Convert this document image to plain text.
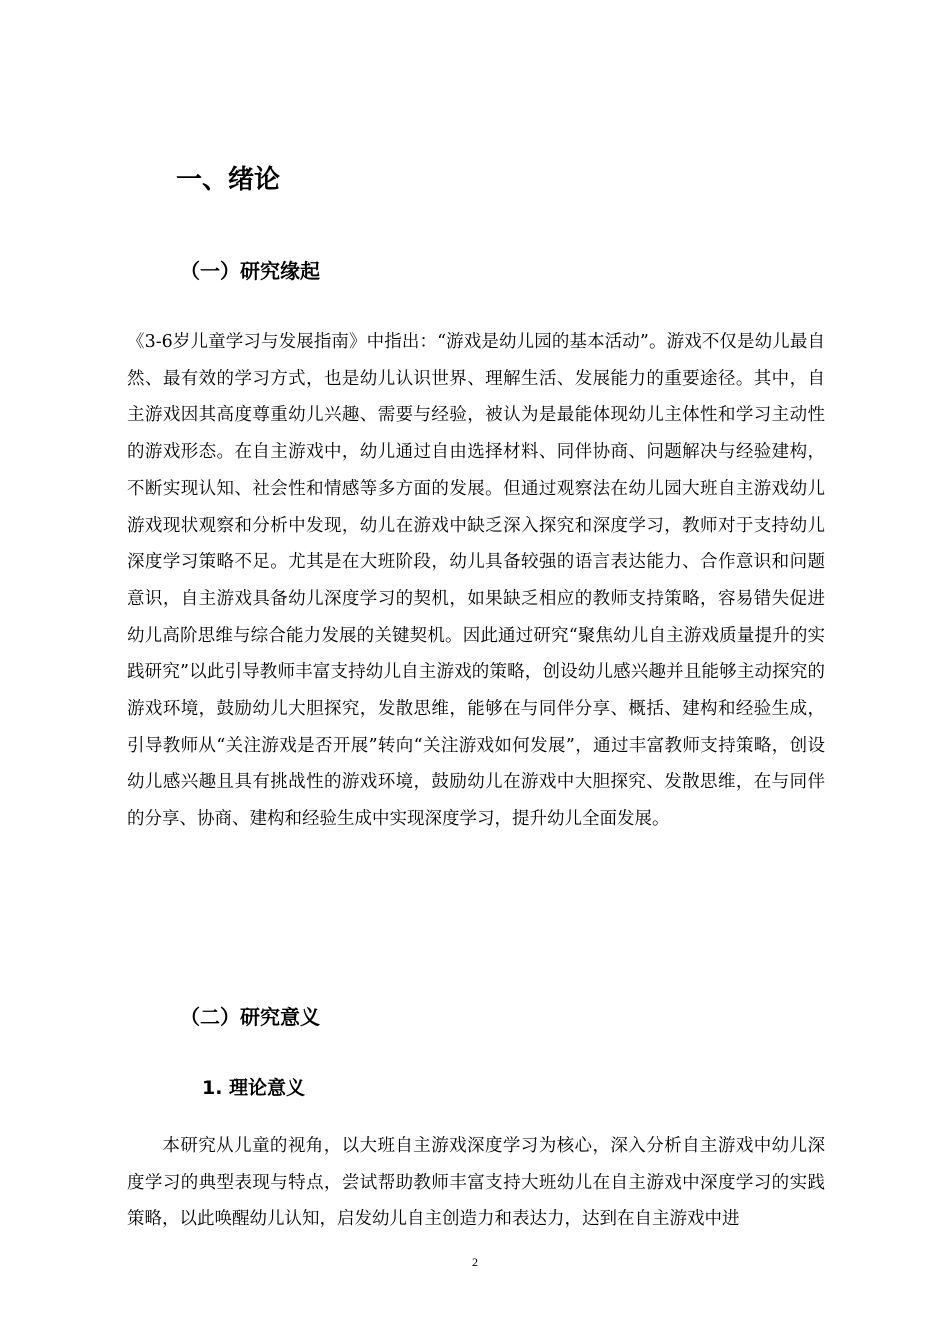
一、绪论
（一）研究缘起

《3-6岁儿童学习与发展指南》中指出：“游戏是幼儿园的基本活动”。游戏不仅是幼儿最自然、最有效的学习方式，也是幼儿认识世界、理解生活、发展能力的重要途径。其中，自主游戏因其高度尊重幼儿兴趣、需要与经验，被认为是最能体现幼儿主体性和学习主动性的游戏形态。在自主游戏中，幼儿通过自由选择材料、同伴协商、问题解决与经验建构，不断实现认知、社会性和情感等多方面的发展。但通过观察法在幼儿园大班自主游戏幼儿游戏现状观察和分析中发现，幼儿在游戏中缺乏深入探究和深度学习，教师对于支持幼儿深度学习策略不足。尤其是在大班阶段，幼儿具备较强的语言表达能力、合作意识和问题意识，自主游戏具备幼儿深度学习的契机，如果缺乏相应的教师支持策略，容易错失促进幼儿高阶思维与综合能力发展的关键契机。因此通过研究“聚焦幼儿自主游戏质量提升的实践研究”以此引导教师丰富支持幼儿自主游戏的策略，创设幼儿感兴趣并且能够主动探究的游戏环境，鼓励幼儿大胆探究，发散思维，能够在与同伴分享、概括、建构和经验生成，引导教师从“关注游戏是否开展”转向“关注游戏如何发展”，通过丰富教师支持策略，创设幼儿感兴趣且具有挑战性的游戏环境，鼓励幼儿在游戏中大胆探究、发散思维，在与同伴的分享、协商、建构和经验生成中实现深度学习，提升幼儿全面发展。

（二）研究意义
1. 理论意义

本研究从儿童的视角，以大班自主游戏深度学习为核心，深入分析自主游戏中幼儿深度学习的典型表现与特点，尝试帮助教师丰富支持大班幼儿在自主游戏中深度学习的实践策略，以此唤醒幼儿认知，启发幼儿自主创造力和表达力，达到在自主游戏中进

2
